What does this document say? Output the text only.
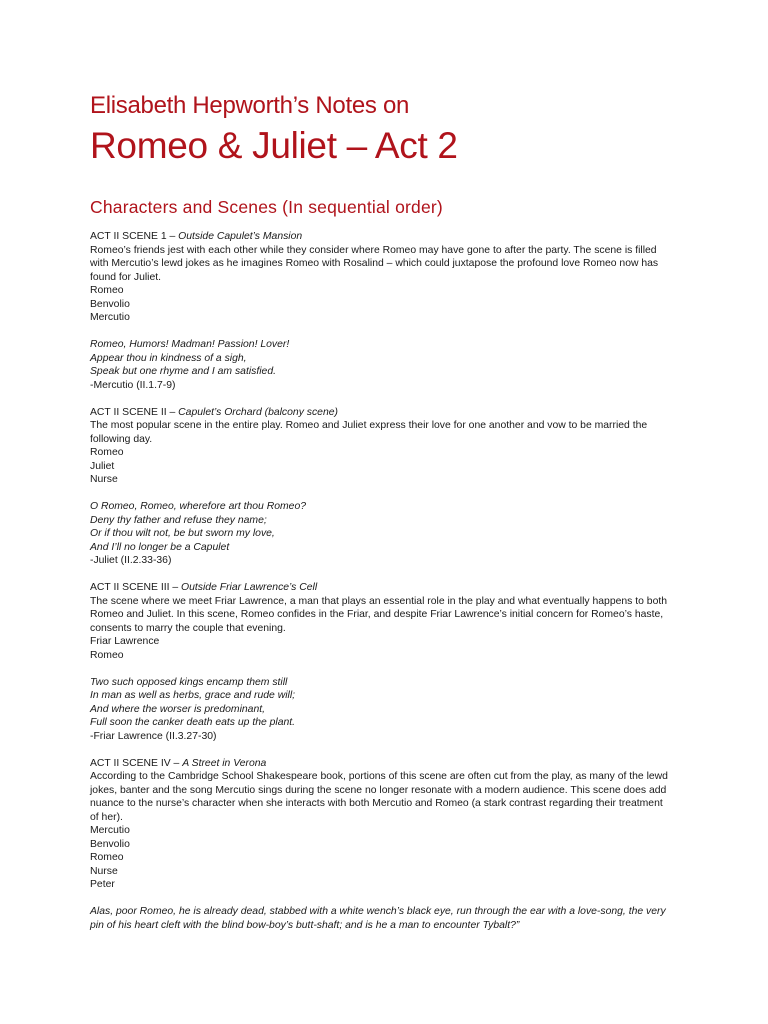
Elisabeth Hepworth’s Notes on
Romeo & Juliet – Act 2
Characters and Scenes (In sequential order)
ACT II SCENE 1 – Outside Capulet’s Mansion

Romeo’s friends jest with each other while they consider where Romeo may have gone to after the party. The scene is filled with Mercutio’s lewd jokes as he imagines Romeo with Rosalind – which could juxtapose the profound love Romeo now has found for Juliet.

Romeo
Benvolio
Mercutio
Romeo, Humors! Madman! Passion! Lover!
Appear thou in kindness of a sigh,
Speak but one rhyme and I am satisfied.
-Mercutio (II.1.7-9)
ACT II SCENE II – Capulet’s Orchard (balcony scene)

The most popular scene in the entire play. Romeo and Juliet express their love for one another and vow to be married the following day.

Romeo
Juliet
Nurse
O Romeo, Romeo, wherefore art thou Romeo?
Deny thy father and refuse they name;
Or if thou wilt not, be but sworn my love,
And I’ll no longer be a Capulet
-Juliet (II.2.33-36)
ACT II SCENE III – Outside Friar Lawrence’s Cell

The scene where we meet Friar Lawrence, a man that plays an essential role in the play and what eventually happens to both Romeo and Juliet. In this scene, Romeo confides in the Friar, and despite Friar Lawrence’s initial concern for Romeo’s haste, consents to marry the couple that evening.

Friar Lawrence
Romeo
Two such opposed kings encamp them still
In man as well as herbs, grace and rude will;
And where the worser is predominant,
Full soon the canker death eats up the plant.
-Friar Lawrence (II.3.27-30)
ACT II SCENE IV – A Street in Verona

According to the Cambridge School Shakespeare book, portions of this scene are often cut from the play, as many of the lewd jokes, banter and the song Mercutio sings during the scene no longer resonate with a modern audience. This scene does add nuance to the nurse’s character when she interacts with both Mercutio and Romeo (a stark contrast regarding their treatment of her).

Mercutio
Benvolio
Romeo
Nurse
Peter
Alas, poor Romeo, he is already dead, stabbed with a white wench’s black eye, run through the ear with a love-song, the very pin of his heart cleft with the blind bow-boy’s butt-shaft; and is he a man to encounter Tybalt?”
